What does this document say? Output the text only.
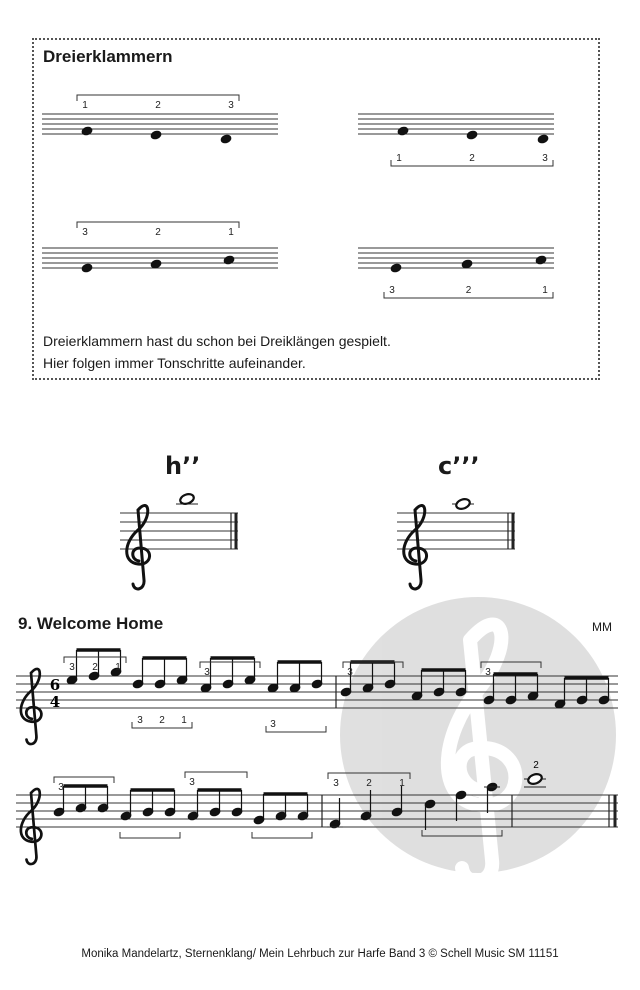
Dreierklammern

Dreierklammern hast du schon bei Dreiklängen gespielt.
Hier folgen immer Tonschritte aufeinander.

1	2	3
1	2	3
3	2	1
3	2	1
6
4
3 2 1
3 2 1
3
3
3	3
3	3	3	2	1
2
h’’	c’’’
9. Welcome Home	MM
Monika Mandelartz, Sternenklang/ Mein Lehrbuch zur Harfe Band 3 © Schell Music SM 11151
